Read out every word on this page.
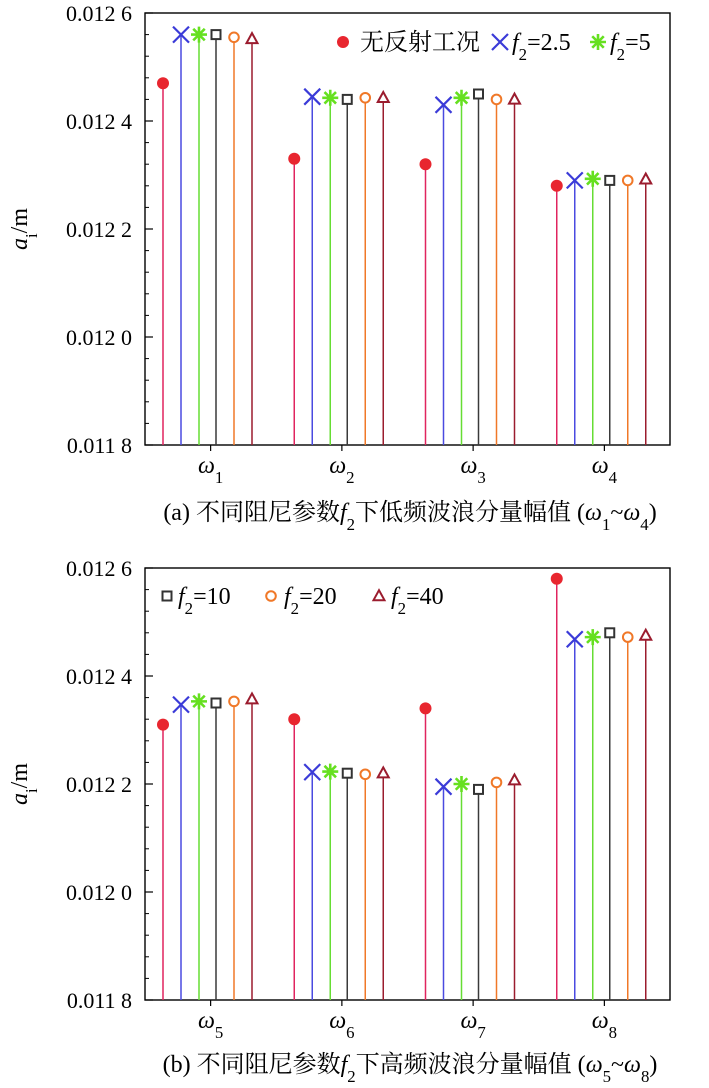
0.011 8
0.012 0
0.012 2
0.012 4
0.012 6
$a_i/m$
$\omega_1$	$\omega_2$	$\omega_3$	$\omega_4$
无反射工况 $f_2=2.5$ $f_2=5$
(a) 不同阻尼参数$f_2$下低频波浪分量幅值 $(\omega_1\sim\omega_4)$
0.011 8
0.012 0
0.012 2
0.012 4
0.012 6
$a_i/m$
$\omega_5$	$\omega_6$	$\omega_7$	$\omega_8$
$f_2=10$ $f_2=20$ $f_2=40$
(b) 不同阻尼参数$f_2$下高频波浪分量幅值 $(\omega_5\sim\omega_8)$
